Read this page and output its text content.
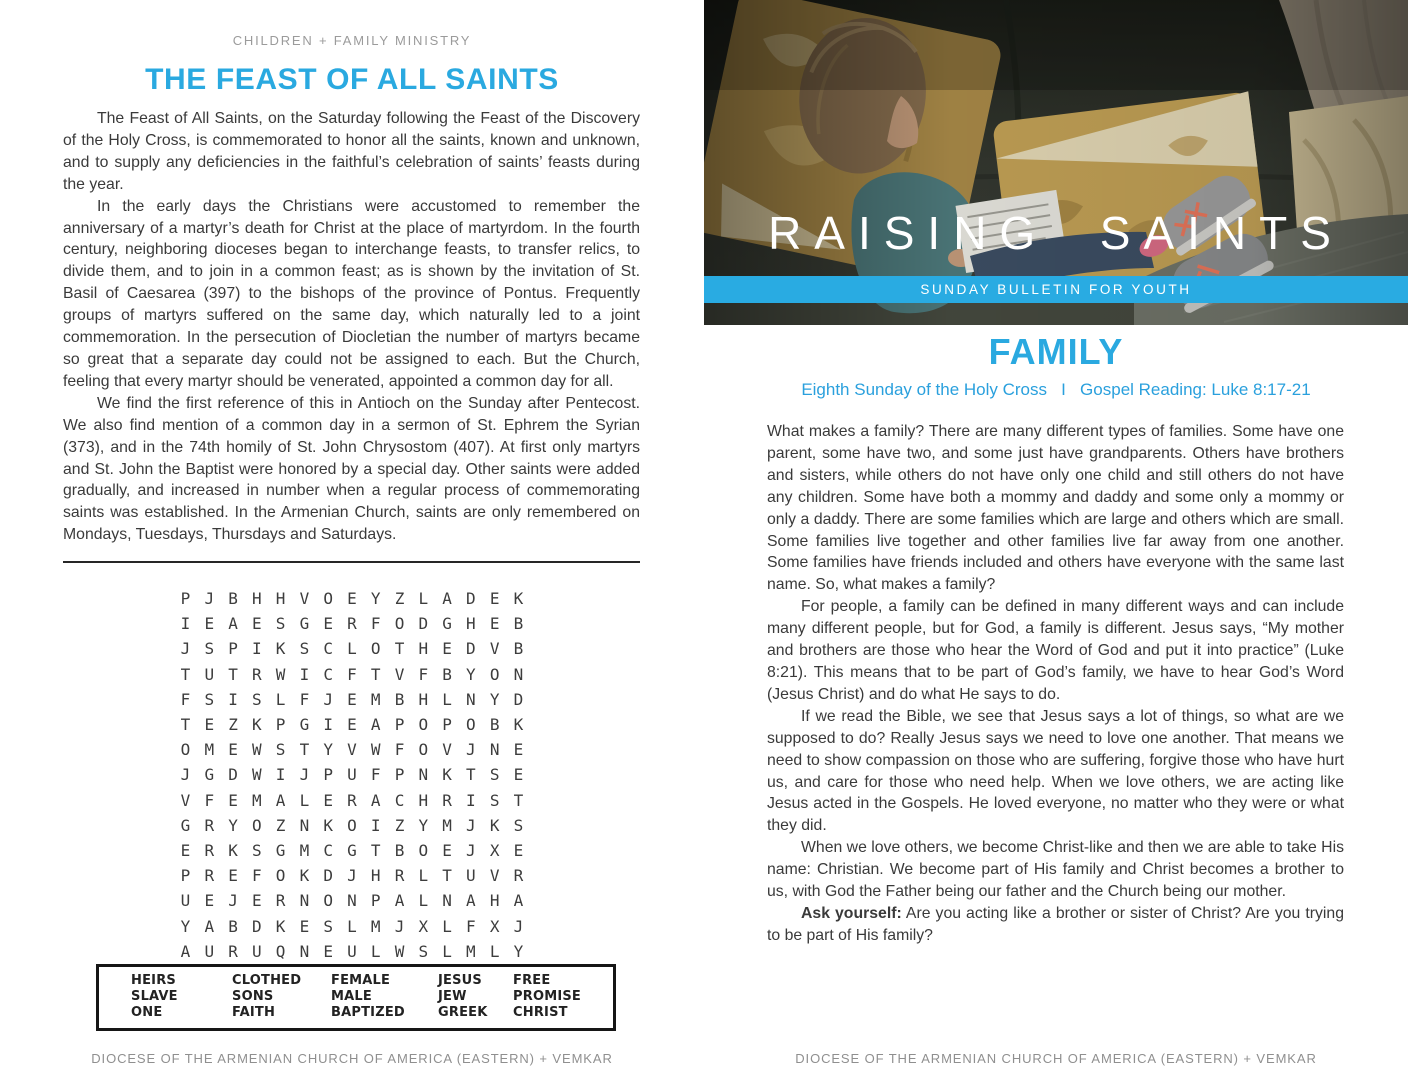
CHILDREN + FAMILY MINISTRY
THE FEAST OF ALL SAINTS

The Feast of All Saints, on the Saturday following the Feast of the Discovery of the Holy Cross, is commemorated to honor all the saints, known and unknown, and to supply any deficiencies in the faithful’s celebration of saints’ feasts during the year.

In the early days the Christians were accustomed to remember the anniversary of a martyr’s death for Christ at the place of martyrdom. In the fourth century, neighboring dioceses began to interchange feasts, to transfer relics, to divide them, and to join in a common feast; as is shown by the invitation of St. Basil of Caesarea (397) to the bishops of the province of Pontus. Frequently groups of martyrs suffered on the same day, which naturally led to a joint commemoration. In the persecution of Diocletian the number of martyrs became so great that a separate day could not be assigned to each. But the Church, feeling that every martyr should be venerated, appointed a common day for all.

We find the first reference of this in Antioch on the Sunday after Pentecost. We also find mention of a common day in a sermon of St. Ephrem the Syrian (373), and in the 74th homily of St. John Chrysostom (407). At first only martyrs and St. John the Baptist were honored by a special day. Other saints were added gradually, and increased in number when a regular process of commemorating saints was established. In the Armenian Church, saints are only remembered on Mondays, Tuesdays, Thursdays and Saturdays.

P J B H H V O E Y Z L A D E K
I E A E S G E R F O D G H E B
J S P I K S C L O T H E D V B
T U T R W I C F T V F B Y O N
F S I S L F J E M B H L N Y D
T E Z K P G I E A P O P O B K
O M E W S T Y V W F O V J N E
J G D W I J P U F P N K T S E
V F E M A L E R A C H R I S T
G R Y O Z N K O I Z Y M J K S
E R K S G M C G T B O E J X E
P R E F O K D J H R L T U V R
U E J E R N O N P A L N A H A
Y A B D K E S L M J X L F X J
A U R U Q N E U L W S L M L Y
HEIRS	CLOTHED	FEMALE	JESUS	FREE
SLAVE	SONS	MALE	JEW	PROMISE
ONE	FAITH	BAPTIZED	GREEK	CHRIST
DIOCESE OF THE ARMENIAN CHURCH OF AMERICA (EASTERN) + VEMKAR
RAISING  SAINTS
SUNDAY BULLETIN FOR YOUTH
FAMILY
Eighth Sunday of the Holy Cross   I   Gospel Reading: Luke 8:17-21

What makes a family? There are many different types of families. Some have one parent, some have two, and some just have grandparents. Others have brothers and sisters, while others do not have only one child and still others do not have any children. Some have both a mommy and daddy and some only a mommy or only a daddy. There are some families which are large and others which are small. Some families live together and other families live far away from one another. Some families have friends included and others have everyone with the same last name. So, what makes a family?

For people, a family can be defined in many different ways and can include many different people, but for God, a family is different. Jesus says, “My mother and brothers are those who hear the Word of God and put it into practice” (Luke 8:21). This means that to be part of God’s family, we have to hear God’s Word (Jesus Christ) and do what He says to do.

If we read the Bible, we see that Jesus says a lot of things, so what are we supposed to do? Really Jesus says we need to love one another. That means we need to show compassion on those who are suffering, forgive those who have hurt us, and care for those who need help. When we love others, we are acting like Jesus acted in the Gospels. He loved everyone, no matter who they were or what they did.

When we love others, we become Christ-like and then we are able to take His name: Christian. We become part of His family and Christ becomes a brother to us, with God the Father being our father and the Church being our mother.

Ask yourself: Are you acting like a brother or sister of Christ? Are you trying to be part of His family?

DIOCESE OF THE ARMENIAN CHURCH OF AMERICA (EASTERN) + VEMKAR
